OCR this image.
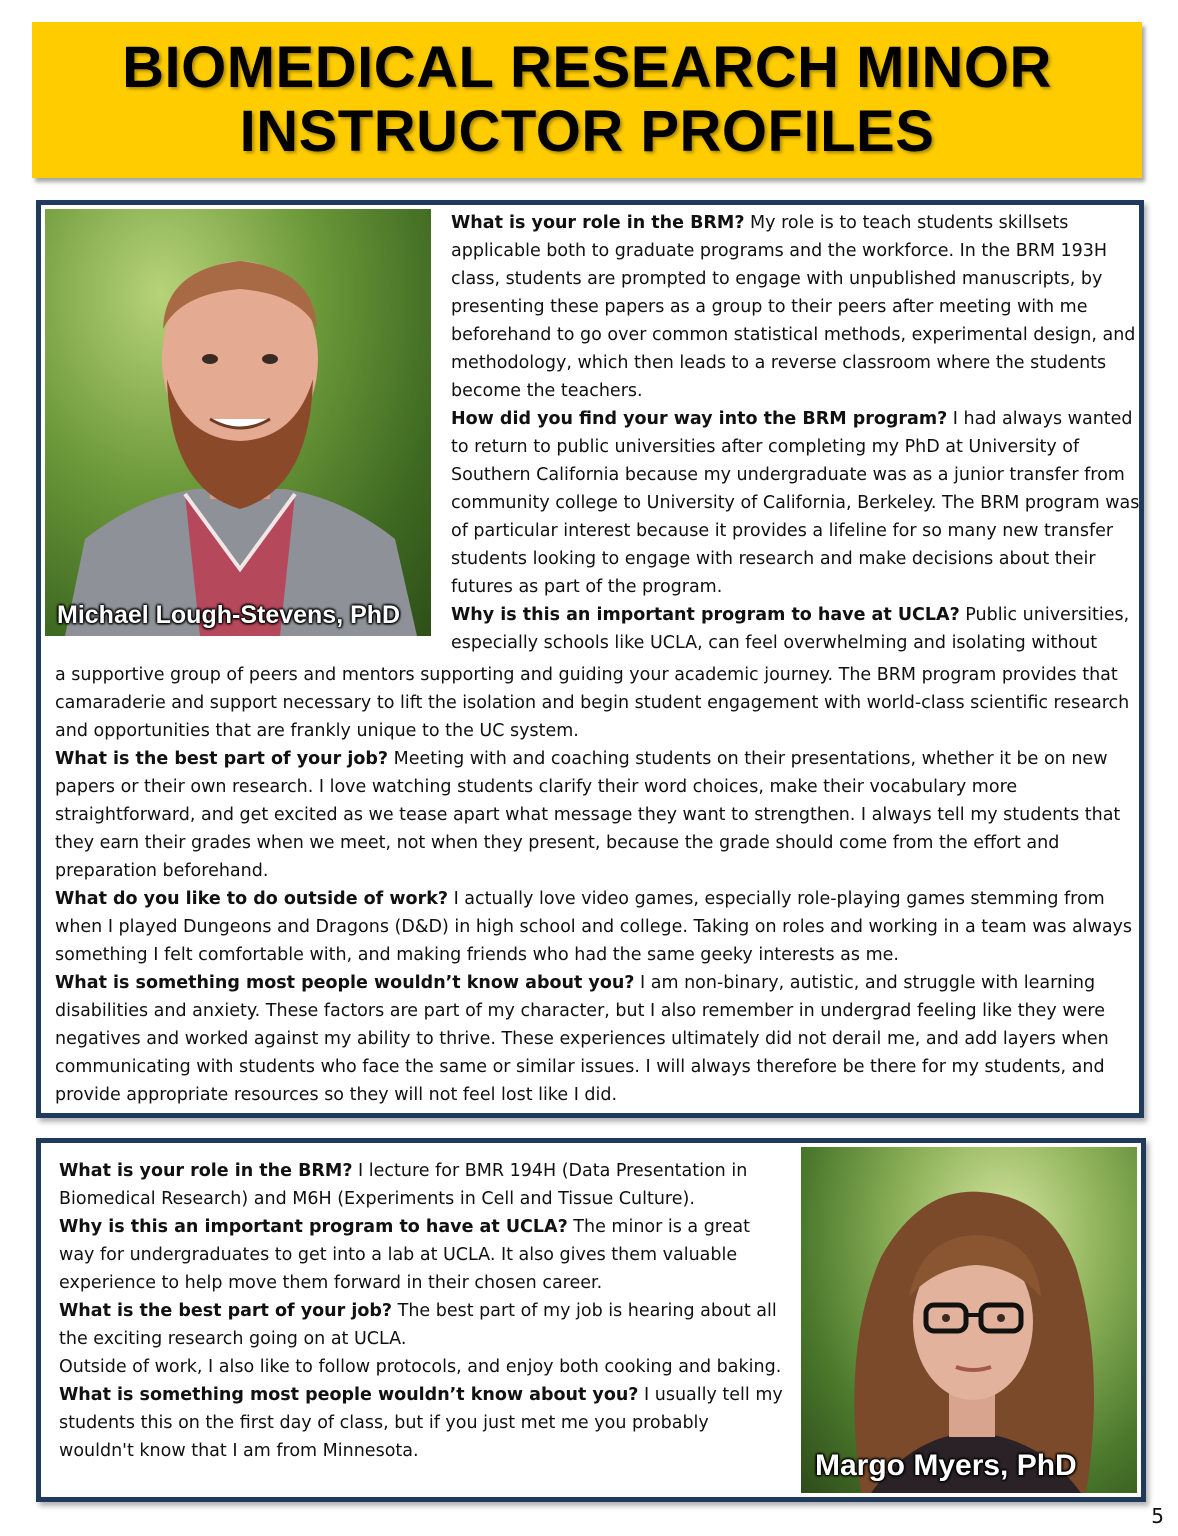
BIOMEDICAL RESEARCH MINOR
INSTRUCTOR PROFILES
Michael Lough-Stevens, PhD

What is your role in the BRM? My role is to teach students skillsets applicable both to graduate programs and the workforce. In the BRM 193H class, students are prompted to engage with unpublished manuscripts, by presenting these papers as a group to their peers after meeting with me beforehand to go over common statistical methods, experimental design, and methodology, which then leads to a reverse classroom where the students become the teachers.

How did you find your way into the BRM program? I had always wanted to return to public universities after completing my PhD at University of Southern California because my undergraduate was as a junior transfer from community college to University of California, Berkeley. The BRM program was of particular interest because it provides a lifeline for so many new transfer students looking to engage with research and make decisions about their futures as part of the program.

Why is this an important program to have at UCLA? Public universities, especially schools like UCLA, can feel overwhelming and isolating without

a supportive group of peers and mentors supporting and guiding your academic journey. The BRM program provides that camaraderie and support necessary to lift the isolation and begin student engagement with world-class scientific research and opportunities that are frankly unique to the UC system.

What is the best part of your job? Meeting with and coaching students on their presentations, whether it be on new papers or their own research. I love watching students clarify their word choices, make their vocabulary more straightforward, and get excited as we tease apart what message they want to strengthen. I always tell my students that they earn their grades when we meet, not when they present, because the grade should come from the effort and preparation beforehand.

What do you like to do outside of work? I actually love video games, especially role-playing games stemming from when I played Dungeons and Dragons (D&D) in high school and college. Taking on roles and working in a team was always something I felt comfortable with, and making friends who had the same geeky interests as me.

What is something most people wouldn’t know about you? I am non-binary, autistic, and struggle with learning disabilities and anxiety. These factors are part of my character, but I also remember in undergrad feeling like they were negatives and worked against my ability to thrive. These experiences ultimately did not derail me, and add layers when communicating with students who face the same or similar issues. I will always therefore be there for my students, and provide appropriate resources so they will not feel lost like I did.

What is your role in the BRM? I lecture for BMR 194H (Data Presentation in Biomedical Research) and M6H (Experiments in Cell and Tissue Culture).

Why is this an important program to have at UCLA? The minor is a great way for undergraduates to get into a lab at UCLA. It also gives them valuable experience to help move them forward in their chosen career.

What is the best part of your job? The best part of my job is hearing about all the exciting research going on at UCLA.

Outside of work, I also like to follow protocols, and enjoy both cooking and baking.

What is something most people wouldn’t know about you? I usually tell my students this on the first day of class, but if you just met me you probably wouldn't know that I am from Minnesota.	Margo Myers, PhD
5
